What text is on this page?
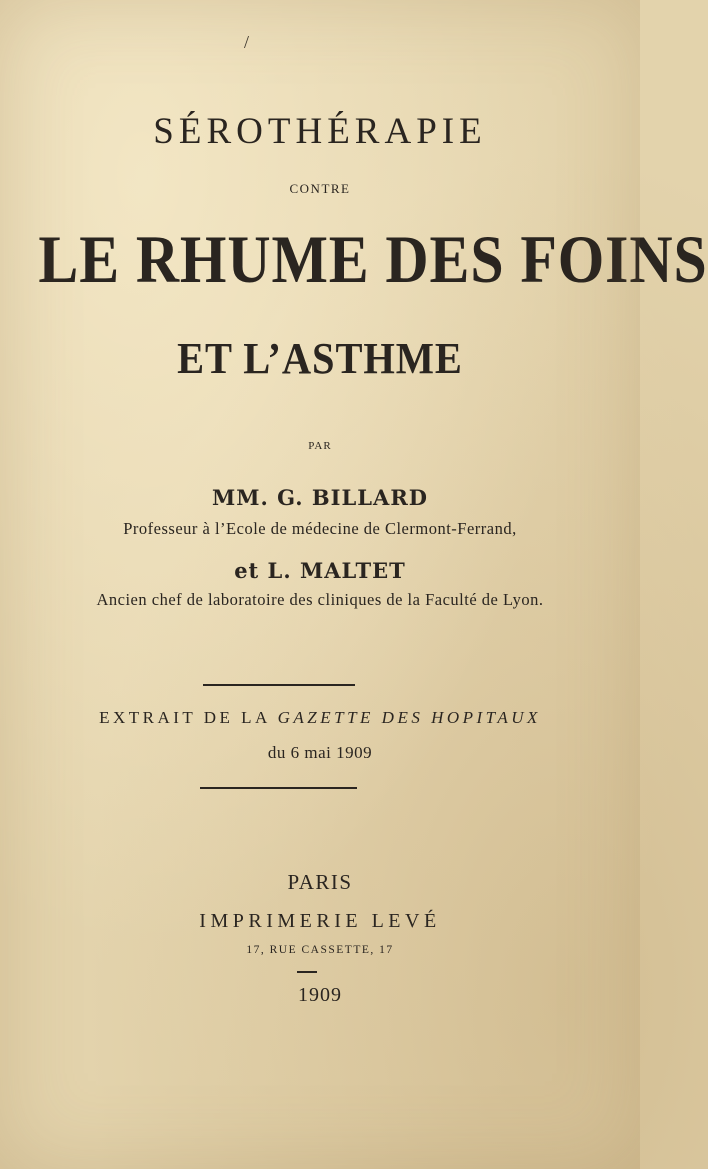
/
SÉROTHÉRAPIE
CONTRE
LE RHUME DES FOINS
ET L’ASTHME
PAR
MM. G. BILLARD
Professeur à l’Ecole de médecine de Clermont-Ferrand,
et L. MALTET
Ancien chef de laboratoire des cliniques de la Faculté de Lyon.
EXTRAIT DE LA GAZETTE DES HOPITAUX
du 6 mai 1909
PARIS
IMPRIMERIE LEVÉ
17, RUE CASSETTE, 17
1909
